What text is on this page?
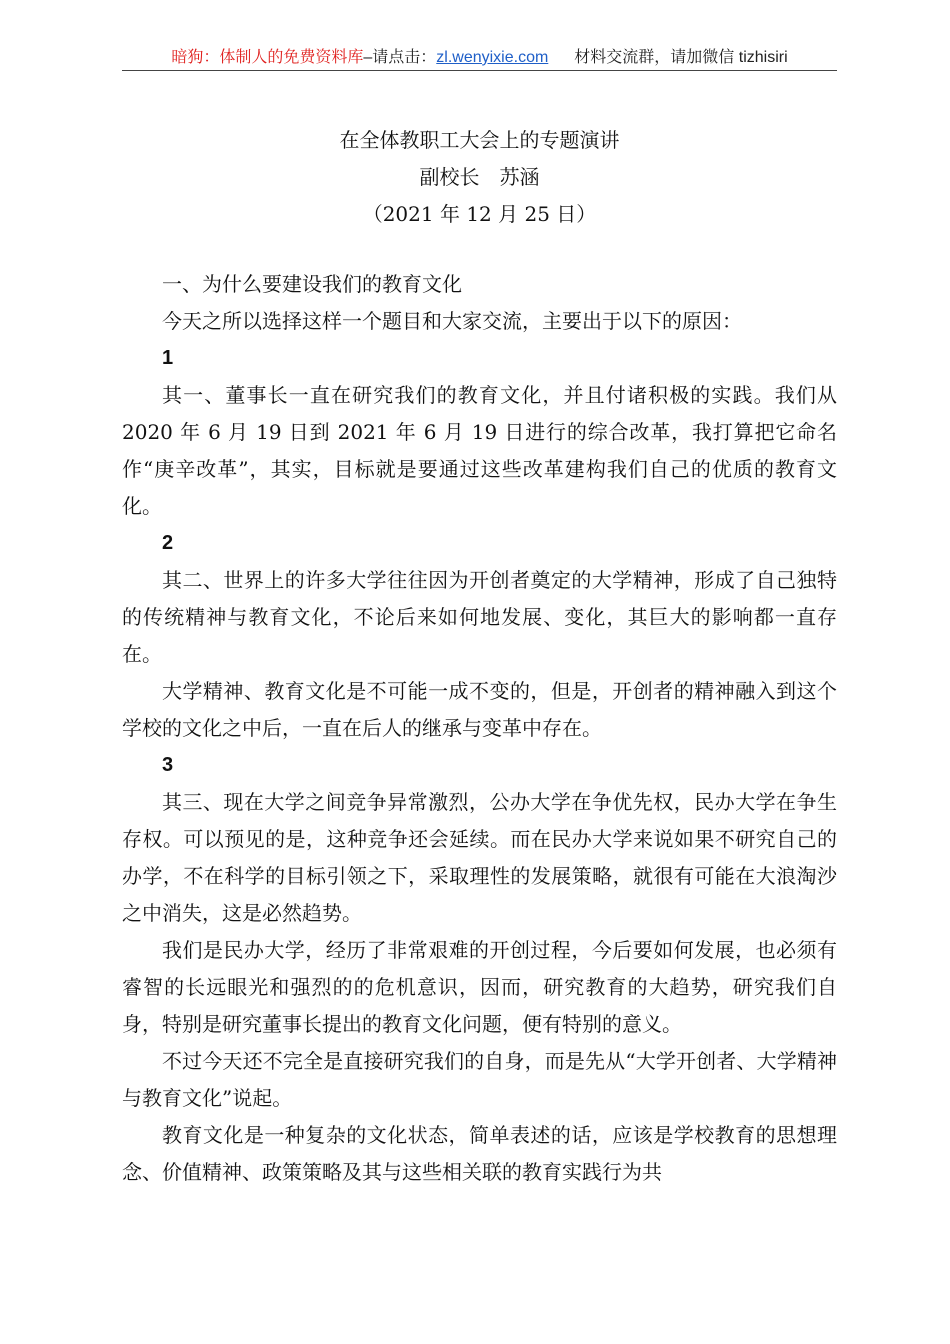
暗狗：体制人的免费资料库–请点击：zl.wenyixie.com 材料交流群，请加微信 tizhisiri
在全体教职工大会上的专题演讲
副校长　苏涵
（2021 年 12 月 25 日）

一、为什么要建设我们的教育文化

今天之所以选择这样一个题目和大家交流，主要出于以下的原因：

1

其一、董事长一直在研究我们的教育文化，并且付诸积极的实践。我们从 2020 年 6 月 19 日到 2021 年 6 月 19 日进行的综合改革，我打算把它命名作“庚辛改革”，其实，目标就是要通过这些改革建构我们自己的优质的教育文化。

2

其二、世界上的许多大学往往因为开创者奠定的大学精神，形成了自己独特的传统精神与教育文化，不论后来如何地发展、变化，其巨大的影响都一直存在。

大学精神、教育文化是不可能一成不变的，但是，开创者的精神融入到这个学校的文化之中后，一直在后人的继承与变革中存在。

3

其三、现在大学之间竞争异常激烈，公办大学在争优先权，民办大学在争生存权。可以预见的是，这种竞争还会延续。而在民办大学来说如果不研究自己的办学，不在科学的目标引领之下，采取理性的发展策略，就很有可能在大浪淘沙之中消失，这是必然趋势。

我们是民办大学，经历了非常艰难的开创过程，今后要如何发展，也必须有睿智的长远眼光和强烈的的危机意识，因而，研究教育的大趋势，研究我们自身，特别是研究董事长提出的教育文化问题，便有特别的意义。

不过今天还不完全是直接研究我们的自身，而是先从“大学开创者、大学精神与教育文化”说起。

教育文化是一种复杂的文化状态，简单表述的话，应该是学校教育的思想理念、价值精神、政策策略及其与这些相关联的教育实践行为共
